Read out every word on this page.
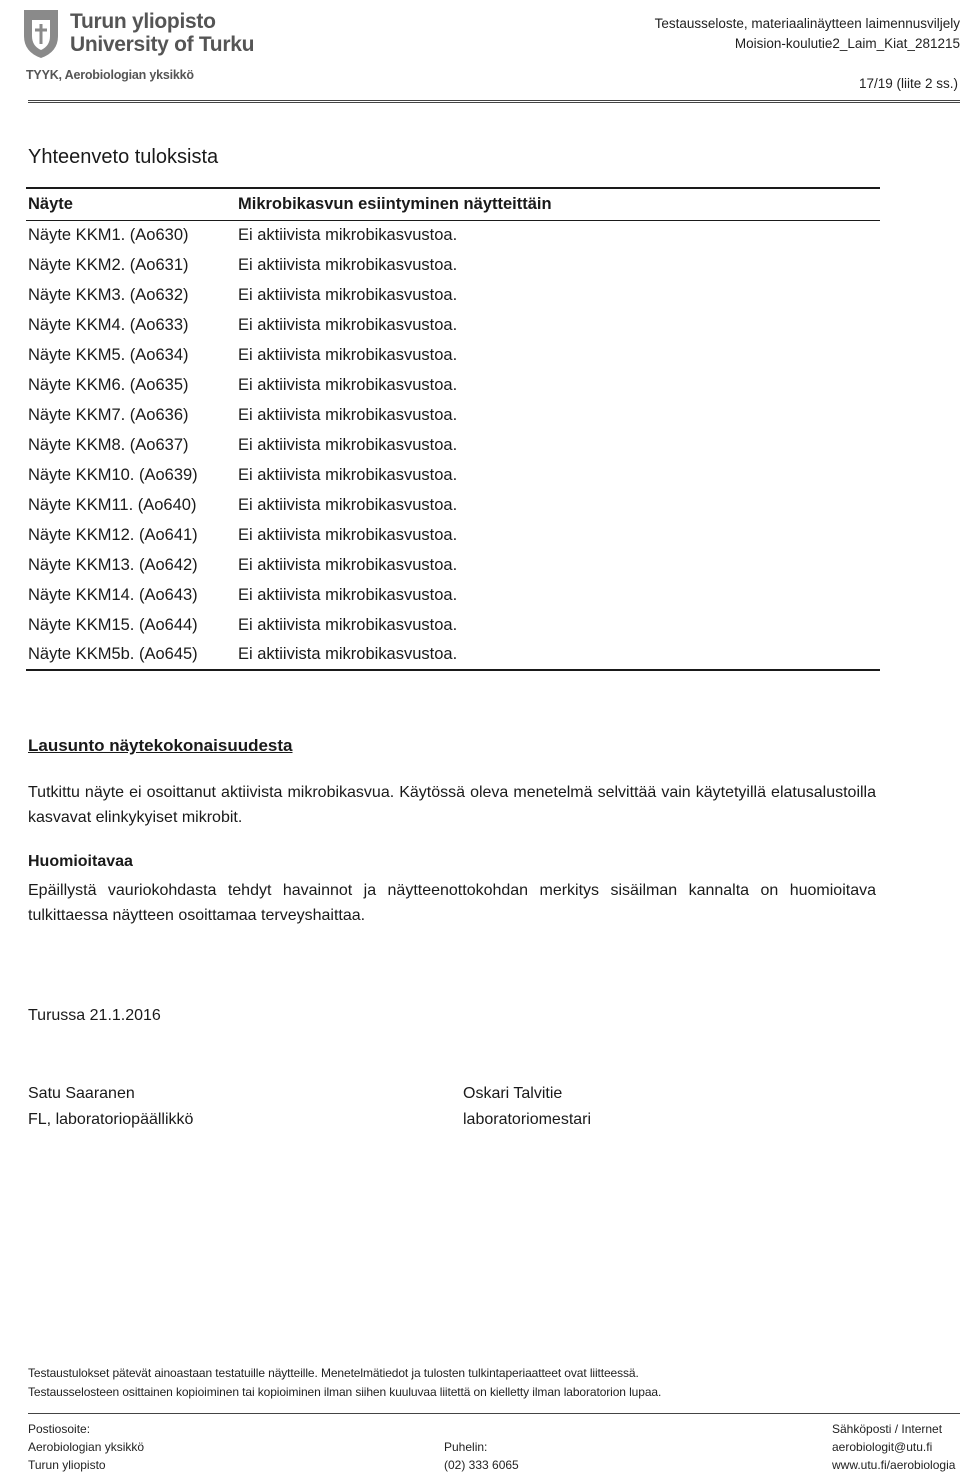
Turun yliopisto
University of Turku
TYYK, Aerobiologian yksikkö
Testausseloste, materiaalinäytteen laimennusviljely
Moision-koulutie2_Laim_Kiat_281215
17/19 (liite 2 ss.)
Yhteenveto tuloksista
Näyte	Mikrobikasvun esiintyminen näytteittäin
Näyte KKM1. (Ao630)	Ei aktiivista mikrobikasvustoa.
Näyte KKM2. (Ao631)	Ei aktiivista mikrobikasvustoa.
Näyte KKM3. (Ao632)	Ei aktiivista mikrobikasvustoa.
Näyte KKM4. (Ao633)	Ei aktiivista mikrobikasvustoa.
Näyte KKM5. (Ao634)	Ei aktiivista mikrobikasvustoa.
Näyte KKM6. (Ao635)	Ei aktiivista mikrobikasvustoa.
Näyte KKM7. (Ao636)	Ei aktiivista mikrobikasvustoa.
Näyte KKM8. (Ao637)	Ei aktiivista mikrobikasvustoa.
Näyte KKM10. (Ao639)	Ei aktiivista mikrobikasvustoa.
Näyte KKM11. (Ao640)	Ei aktiivista mikrobikasvustoa.
Näyte KKM12. (Ao641)	Ei aktiivista mikrobikasvustoa.
Näyte KKM13. (Ao642)	Ei aktiivista mikrobikasvustoa.
Näyte KKM14. (Ao643)	Ei aktiivista mikrobikasvustoa.
Näyte KKM15. (Ao644)	Ei aktiivista mikrobikasvustoa.
Näyte KKM5b. (Ao645)	Ei aktiivista mikrobikasvustoa.
Lausunto näytekokonaisuudesta
Tutkittu näyte ei osoittanut aktiivista mikrobikasvua. Käytössä oleva menetelmä selvittää vain käytetyillä elatusalustoilla kasvavat elinkykyiset mikrobit.
Huomioitavaa
Epäillystä vauriokohdasta tehdyt havainnot ja näytteenottokohdan merkitys sisäilman kannalta on huomioitava tulkittaessa näytteen osoittamaa terveyshaittaa.
Turussa 21.1.2016
Satu Saaranen
FL, laboratoriopäällikkö
Oskari Talvitie
laboratoriomestari
Testaustulokset pätevät ainoastaan testatuille näytteille. Menetelmätiedot ja tulosten tulkintaperiaatteet ovat liitteessä.
Testausselosteen osittainen kopioiminen tai kopioiminen ilman siihen kuuluvaa liitettä on kielletty ilman laboratorion lupaa.
Postiosoite:
Aerobiologian yksikkö
Turun yliopisto
Puhelin:
(02) 333 6065
Sähköposti / Internet
aerobiologit@utu.fi
www.utu.fi/aerobiologia
